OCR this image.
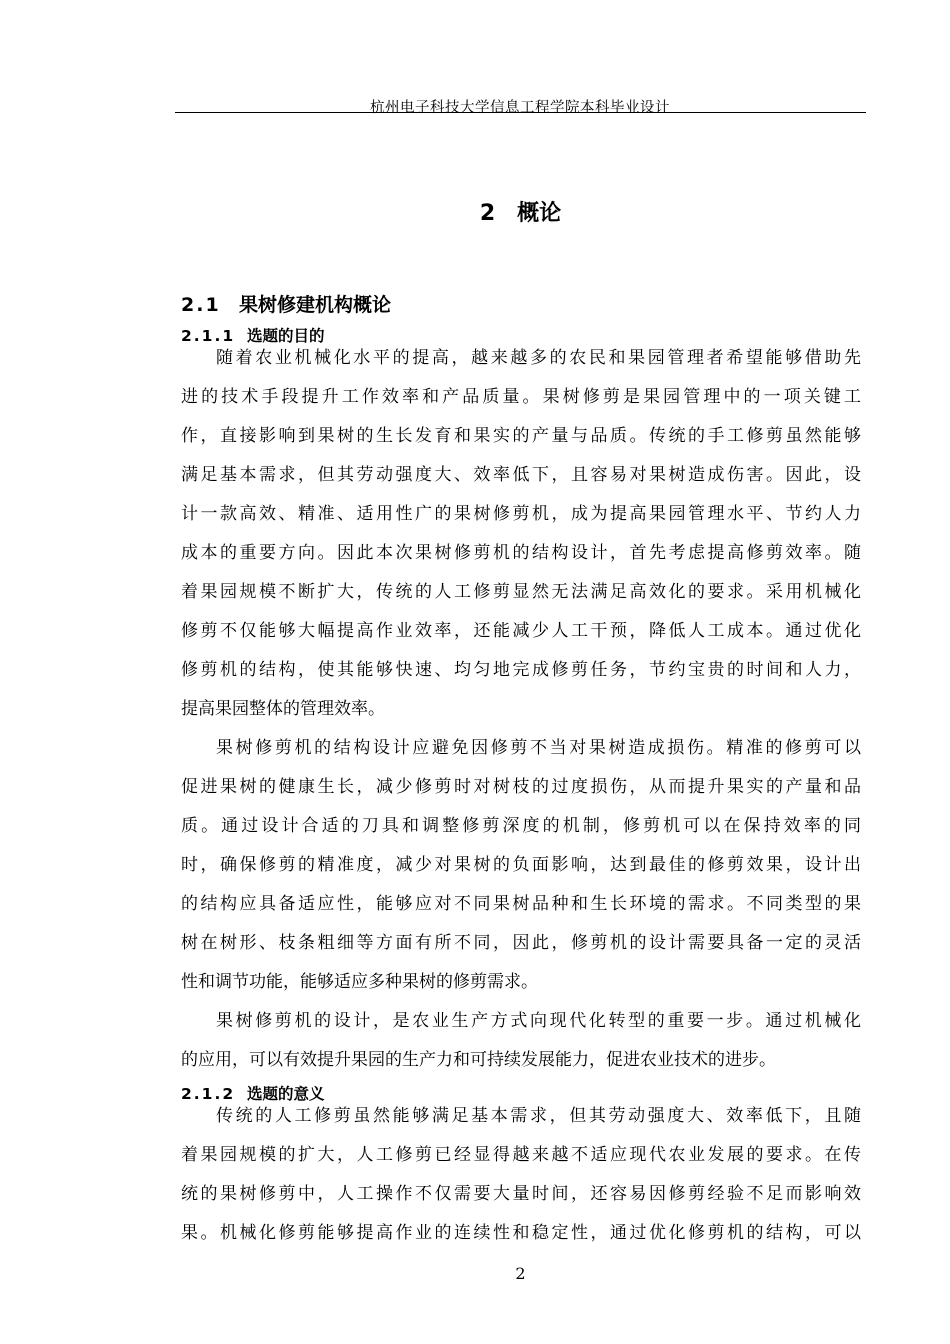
杭州电子科技大学信息工程学院本科毕业设计
2 概论
2.1 果树修建机构概论
2.1.1 选题的目的
随着农业机械化水平的提高，越来越多的农民和果园管理者希望能够借助先
进的技术手段提升工作效率和产品质量。果树修剪是果园管理中的一项关键工
作，直接影响到果树的生长发育和果实的产量与品质。传统的手工修剪虽然能够
满足基本需求，但其劳动强度大、效率低下，且容易对果树造成伤害。因此，设
计一款高效、精准、适用性广的果树修剪机，成为提高果园管理水平、节约人力
成本的重要方向。因此本次果树修剪机的结构设计，首先考虑提高修剪效率。随
着果园规模不断扩大，传统的人工修剪显然无法满足高效化的要求。采用机械化
修剪不仅能够大幅提高作业效率，还能减少人工干预，降低人工成本。通过优化
修剪机的结构，使其能够快速、均匀地完成修剪任务，节约宝贵的时间和人力，
提高果园整体的管理效率。
果树修剪机的结构设计应避免因修剪不当对果树造成损伤。精准的修剪可以
促进果树的健康生长，减少修剪时对树枝的过度损伤，从而提升果实的产量和品
质。通过设计合适的刀具和调整修剪深度的机制，修剪机可以在保持效率的同
时，确保修剪的精准度，减少对果树的负面影响，达到最佳的修剪效果，设计出
的结构应具备适应性，能够应对不同果树品种和生长环境的需求。不同类型的果
树在树形、枝条粗细等方面有所不同，因此，修剪机的设计需要具备一定的灵活
性和调节功能，能够适应多种果树的修剪需求。
果树修剪机的设计，是农业生产方式向现代化转型的重要一步。通过机械化
的应用，可以有效提升果园的生产力和可持续发展能力，促进农业技术的进步。
2.1.2 选题的意义
传统的人工修剪虽然能够满足基本需求，但其劳动强度大、效率低下，且随
着果园规模的扩大，人工修剪已经显得越来越不适应现代农业发展的要求。在传
统的果树修剪中，人工操作不仅需要大量时间，还容易因修剪经验不足而影响效
果。机械化修剪能够提高作业的连续性和稳定性，通过优化修剪机的结构，可以
2
